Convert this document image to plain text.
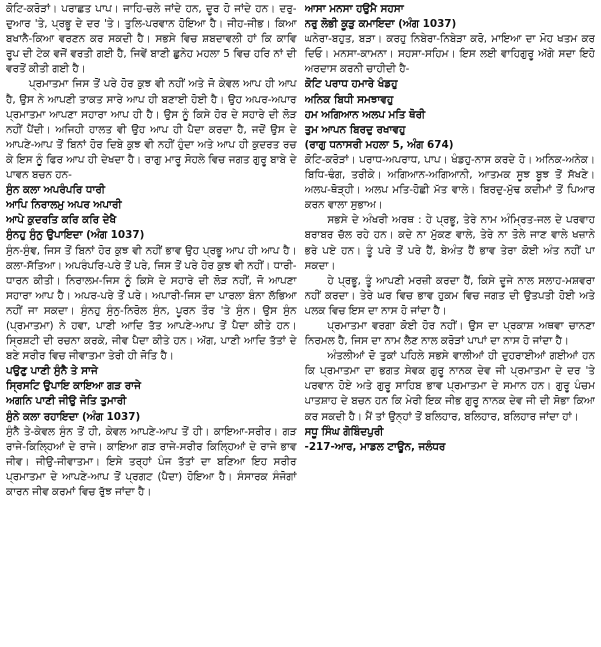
ਕੋਟਿ-ਕਰੋੜਾਂ। ਪਰਾਛਤ ਪਾਪ। ਜਾਹਿ-ਚਲੇ ਜਾਂਦੇ ਹਨ, ਦੂਰ ਹੋ ਜਾਂਦੇ ਹਨ। ਦਰੁ-ਦੁਆਰ 'ਤੇ, ਪ੍ਰਭੂ ਦੇ ਦਰ 'ਤੇ। ਤੁਲਿ-ਪਰਵਾਨ ਹੋਇਆ ਹੈ। ਜੀਹ-ਜੀਭ। ਕਿਆ ਬਖਾਨੈ-ਕਿਆ ਵਰਣਨ ਕਰ ਸਕਦੀ ਹੈ। ਸਭਸੇ ਵਿਚ ਸ਼ਬਦਾਵਲੀ ਹਾਂ ਕਿ ਕਾਵਿ ਰੂਪ ਦੀ ਟੇਕ ਵਜੋਂ ਵਰਤੀ ਗਈ ਹੈ, ਜਿਵੇਂ ਬਾਣੀ ਛੁਨੇਹ ਮਹਲਾ 5 ਵਿਚ ਹਰਿ ਨਾਂ ਦੀ ਵਰਤੋਂ ਕੀਤੀ ਗਈ ਹੈ।
ਪ੍ਰਮਾਤਮਾ ਜਿਸ ਤੋਂ ਪਰੇ ਹੋਰ ਕੁਝ ਵੀ ਨਹੀਂ ਅਤੇ ਜੋ ਕੇਵਲ ਆਪ ਹੀ ਆਪ ਹੈ, ਉਸ ਨੇ ਆਪਣੀ ਤਾਕਤ ਸਾਰੇ ਆਪ ਹੀ ਬਣਾਈ ਹੋਈ ਹੈ। ਉਹ ਅਪਰ-ਅਪਾਰ ਪ੍ਰਮਾਤਮਾ ਆਪਣਾ ਸਹਾਰਾ ਆਪ ਹੀ ਹੈ। ਉਸ ਨੂੰ ਕਿਸੇ ਹੋਰ ਦੇ ਸਹਾਰੇ ਦੀ ਲੋੜ ਨਹੀਂ ਪੈਂਦੀ। ਅਜਿਹੀ ਹਾਲਤ ਵੀ ਉਹ ਆਪ ਹੀ ਪੈਦਾ ਕਰਦਾ ਹੈ, ਜਦੋਂ ਉਸ ਦੇ ਆਪਣੇ-ਆਪ ਤੋਂ ਬਿਨਾਂ ਹੋਰ ਦਿਬੇ ਕੁਝ ਵੀ ਨਹੀਂ ਹੁੰਦਾ ਅਤੇ ਆਪ ਹੀ ਕੁਦਰਤ ਰਚ ਕੇ ਇਸ ਨੂੰ ਫਿਰ ਆਪ ਹੀ ਦੇਖਦਾ ਹੈ। ਰਾਗੁ ਮਾਰੂ ਸੋਹਲੇ ਵਿਚ ਜਗਤ ਗੁਰੂ ਬਾਬੇ ਦੇ ਪਾਵਨ ਬਚਨ ਹਨ-
ਸੁੰਨ ਕਲਾ ਅਪਰੰਪਰਿ ਧਾਰੀ
ਆਪਿ ਨਿਰਾਲਮੁ ਅਪਰ ਅਪਾਰੀ
ਆਪੇ ਕੁਦਰਤਿ ਕਰਿ ਕਰਿ ਦੇਖੈ
ਸੁੰਨਹੁ ਸੁੰਨੁ ਉਪਾਇਦਾ (ਅੰਗ 1037)
ਸੁੰਨ-ਸੁੰਞ, ਜਿਸ ਤੋਂ ਬਿਨਾਂ ਹੋਰ ਕੁਝ ਵੀ ਨਹੀਂ ਭਾਵ ਉਹ ਪ੍ਰਭੂ ਆਪ ਹੀ ਆਪ ਹੈ। ਕਲਾ-ਸੱਤਿਆ। ਅਪਰੰਪਰਿ-ਪਰੇ ਤੋਂ ਪਰੇ, ਜਿਸ ਤੋਂ ਪਰੇ ਹੋਰ ਕੁਝ ਵੀ ਨਹੀਂ। ਧਾਰੀ-ਧਾਰਨ ਕੀਤੀ। ਨਿਰਾਲਮ-ਜਿਸ ਨੂੰ ਕਿਸੇ ਦੇ ਸਹਾਰੇ ਦੀ ਲੋੜ ਨਹੀਂ, ਜੋ ਆਪਣਾ ਸਹਾਰਾ ਆਪ ਹੈ। ਅਪਰ-ਪਰੇ ਤੋਂ ਪਰੇ। ਅਪਾਰੀ-ਜਿਸ ਦਾ ਪਾਰਲਾ ਬੰਨਾ ਲੱਭਿਆ ਨਹੀਂ ਜਾ ਸਕਦਾ। ਸੁੰਨਹੁ ਸੁੰਨੁ-ਨਿਰੋਲ ਸੁੰਨ, ਪੂਰਨ ਤੌਰ 'ਤੇ ਸੁੰਨ। ਉਸ ਸੁੰਨ (ਪ੍ਰਮਾਤਮਾ) ਨੇ ਹਵਾ, ਪਾਣੀ ਆਦਿ ਤੱਤ ਆਪਣੇ-ਆਪ ਤੋਂ ਪੈਦਾ ਕੀਤੇ ਹਨ। ਸ੍ਰਿਸ਼ਟੀ ਦੀ ਰਚਨਾ ਕਰਕੇ, ਜੀਵ ਪੈਦਾ ਕੀਤੇ ਹਨ। ਅੱਗ, ਪਾਣੀ ਆਦਿ ਤੱਤਾਂ ਦੇ ਬਣੇ ਸਰੀਰ ਵਿਚ ਜੀਵਾਤਮਾ ਤੇਰੀ ਹੀ ਜੋਤਿ ਹੈ।
ਪਉਣੁ ਪਾਣੀ ਸੁੰਨੈ ਤੇ ਸਾਜੇ
ਸ੍ਰਿਸਟਿ ਉਪਾਇ ਕਾਇਆ ਗੜ ਰਾਜੇ
ਅਗਨਿ ਪਾਣੀ ਜੀਉ ਜੋਤਿ ਤੁਮਾਰੀ
ਸੁੰਨੇ ਕਲਾ ਰਹਾਇਦਾ (ਅੰਗ 1037)
ਸੁੰਨੈ ਤੇ-ਕੇਵਲ ਸੁੰਨ ਤੋਂ ਹੀ, ਕੇਵਲ ਆਪਣੇ-ਆਪ ਤੋਂ ਹੀ। ਕਾਇਆ-ਸਰੀਰ। ਗੜ ਰਾਜੇ-ਕਿਲ੍ਹਿਆਂ ਦੇ ਰਾਜੇ। ਕਾਇਆ ਗੜ ਰਾਜੇ-ਸਰੀਰ ਕਿਲ੍ਹਿਆਂ ਦੇ ਰਾਜੇ ਭਾਵ ਜੀਵ। ਜੀਉ-ਜੀਵਾਤਮਾ। ਇਸੇ ਤਰ੍ਹਾਂ ਪੰਜ ਤੱਤਾਂ ਦਾ ਬਣਿਆ ਇਹ ਸਰੀਰ ਪ੍ਰਮਾਤਮਾ ਦੇ ਆਪਣੇ-ਆਪ ਤੋਂ ਪ੍ਰਗਟ (ਪੈਦਾ) ਹੋਇਆ ਹੈ। ਸੰਸਾਰਕ ਸੰਜੋਗਾਂ ਕਾਰਨ ਜੀਵ ਕਰਮਾਂ ਵਿਚ ਰੁੱਝ ਜਾਂਦਾ ਹੈ।
ਆਸਾ ਮਨਸਾ ਹਉਮੈ ਸਹਸਾ
ਨਰੁ ਲੋਭੀ ਕੂੜੁ ਕਮਾਇਦਾ (ਅੰਗ 1037)
ਘਨੇਰਾ-ਬਹੁਤ, ਬੜਾ। ਕਰਹੁ ਨਿਬੇਰਾ-ਨਿਬੇੜਾ ਕਰੋ, ਮਾਇਆ ਦਾ ਮੋਹ ਖਤਮ ਕਰ ਦਿਓ। ਮਨਸਾ-ਕਾਮਨਾ। ਸਹਸਾ-ਸਹਿਮ। ਇਸ ਲਈ ਵਾਹਿਗੁਰੂ ਅੱਗੇ ਸਦਾ ਇਹੋ ਅਰਦਾਸ ਕਰਨੀ ਚਾਹੀਦੀ ਹੈ-
ਕੋਟਿ ਪਰਾਧ ਹਮਾਰੇ ਖੰਡਹੁ
ਅਨਿਕ ਬਿਧੀ ਸਮਝਾਵਹੁ
ਹਮ ਅਗਿਆਨ ਅਲਪ ਮਤਿ ਥੋਰੀ
ਤੁਮ ਆਪਨ ਬਿਰਦੁ ਰਖਾਵਹੁ
(ਰਾਗੁ ਧਨਾਸਰੀ ਮਹਲਾ 5, ਅੰਗ 674)
ਕੋਟਿ-ਕਰੋੜਾਂ। ਪਰਾਧ-ਅਪਰਾਧ, ਪਾਪ। ਖੰਡਹੁ-ਨਾਸ ਕਰਦੇ ਹੋ। ਅਨਿਕ-ਅਨੇਕ। ਬਿਧਿ-ਢੰਗ, ਤਰੀਕੇ। ਅਗਿਆਨ-ਅਗਿਆਨੀ, ਆਤਮਕ ਸੂਝ ਬੂਝ ਤੋਂ ਸੱਖਣੇ। ਅਲਪ-ਥੋੜ੍ਹੀ। ਅਲਪ ਮਤਿ-ਹੋਛੀ ਮੱਤ ਵਾਲੇ। ਬਿਰਦੁ-ਮੁੱਢ ਕਦੀਮਾਂ ਤੋਂ ਪਿਆਰ ਕਰਨ ਵਾਲਾ ਸੁਭਾਅ।
ਸਭਸੇ ਦੇ ਅੰਖਰੀ ਅਰਥ : ਹੇ ਪ੍ਰਭੂ, ਤੇਰੇ ਨਾਮ ਅੰਮ੍ਰਿਤ-ਜਲ ਦੇ ਪਰਵਾਹ ਬਰਾਬਰ ਚੱਲ ਰਹੇ ਹਨ। ਕਦੇ ਨਾ ਮੁੱਕਣ ਵਾਲੇ, ਤੇਰੇ ਨਾ ਤੋਲੇ ਜਾਣ ਵਾਲੇ ਖਜ਼ਾਨੇ ਭਰੇ ਪਏ ਹਨ। ਤੂੰ ਪਰੇ ਤੋਂ ਪਰੇ ਹੈਂ, ਬੇਅੰਤ ਹੈਂ ਭਾਵ ਤੇਰਾ ਕੋਈ ਅੰਤ ਨਹੀਂ ਪਾ ਸਕਦਾ।
ਹੇ ਪ੍ਰਭੂ, ਤੂੰ ਆਪਣੀ ਮਰਜ਼ੀ ਕਰਦਾ ਹੈਂ, ਕਿਸੇ ਦੂਜੇ ਨਾਲ ਸਲਾਹ-ਮਸ਼ਵਰਾ ਨਹੀਂ ਕਰਦਾ। ਤੇਰੇ ਘਰ ਵਿਚ ਭਾਵ ਹੁਕਮ ਵਿਚ ਜਗਤ ਦੀ ਉਤਪਤੀ ਹੋਈ ਅਤੇ ਪਲਕ ਵਿਚ ਇਸ ਦਾ ਨਾਸ ਹੋ ਜਾਂਦਾ ਹੈ।
ਪ੍ਰਮਾਤਮਾ ਵਰਗਾ ਕੋਈ ਹੋਰ ਨਹੀਂ। ਉਸ ਦਾ ਪ੍ਰਕਾਸ਼ ਅਥਵਾ ਚਾਨਣਾ ਨਿਰਮਲ ਹੈ, ਜਿਸ ਦਾ ਨਾਮ ਲੈਣ ਨਾਲ ਕਰੋੜਾਂ ਪਾਪਾਂ ਦਾ ਨਾਸ ਹੋ ਜਾਂਦਾ ਹੈ।
ਅੰਤਲੀਆਂ ਦੋ ਤੁਕਾਂ ਪਹਿਲੇ ਸਭਸੇ ਵਾਲੀਆਂ ਹੀ ਦੁਹਰਾਈਆਂ ਗਈਆਂ ਹਨ ਕਿ ਪ੍ਰਮਾਤਮਾ ਦਾ ਭਗਤ ਸੇਵਕ ਗੁਰੂ ਨਾਨਕ ਦੇਵ ਜੀ ਪ੍ਰਮਾਤਮਾ ਦੇ ਦਰ 'ਤੇ ਪਰਵਾਨ ਹੋਏ ਅਤੇ ਗੁਰੂ ਸਾਹਿਬ ਭਾਵ ਪ੍ਰਮਾਤਮਾ ਦੇ ਸਮਾਨ ਹਨ। ਗੁਰੂ ਪੰਚਮ ਪਾਤਸ਼ਾਹ ਦੇ ਬਚਨ ਹਨ ਕਿ ਮੇਰੀ ਇਕ ਜੀਭ ਗੁਰੂ ਨਾਨਕ ਦੇਵ ਜੀ ਦੀ ਸੋਭਾ ਕਿਆ ਕਰ ਸਕਦੀ ਹੈ। ਮੈਂ ਤਾਂ ਉਨ੍ਹਾਂ ਤੋਂ ਬਲਿਹਾਰ, ਬਲਿਹਾਰ, ਬਲਿਹਾਰ ਜਾਂਦਾ ਹਾਂ।
ਸਧੂ ਸਿੰਘ ਗੋਬਿੰਦਪੁਰੀ
-217-ਆਰ, ਮਾਡਲ ਟਾਊਨ, ਜਲੰਧਰ
